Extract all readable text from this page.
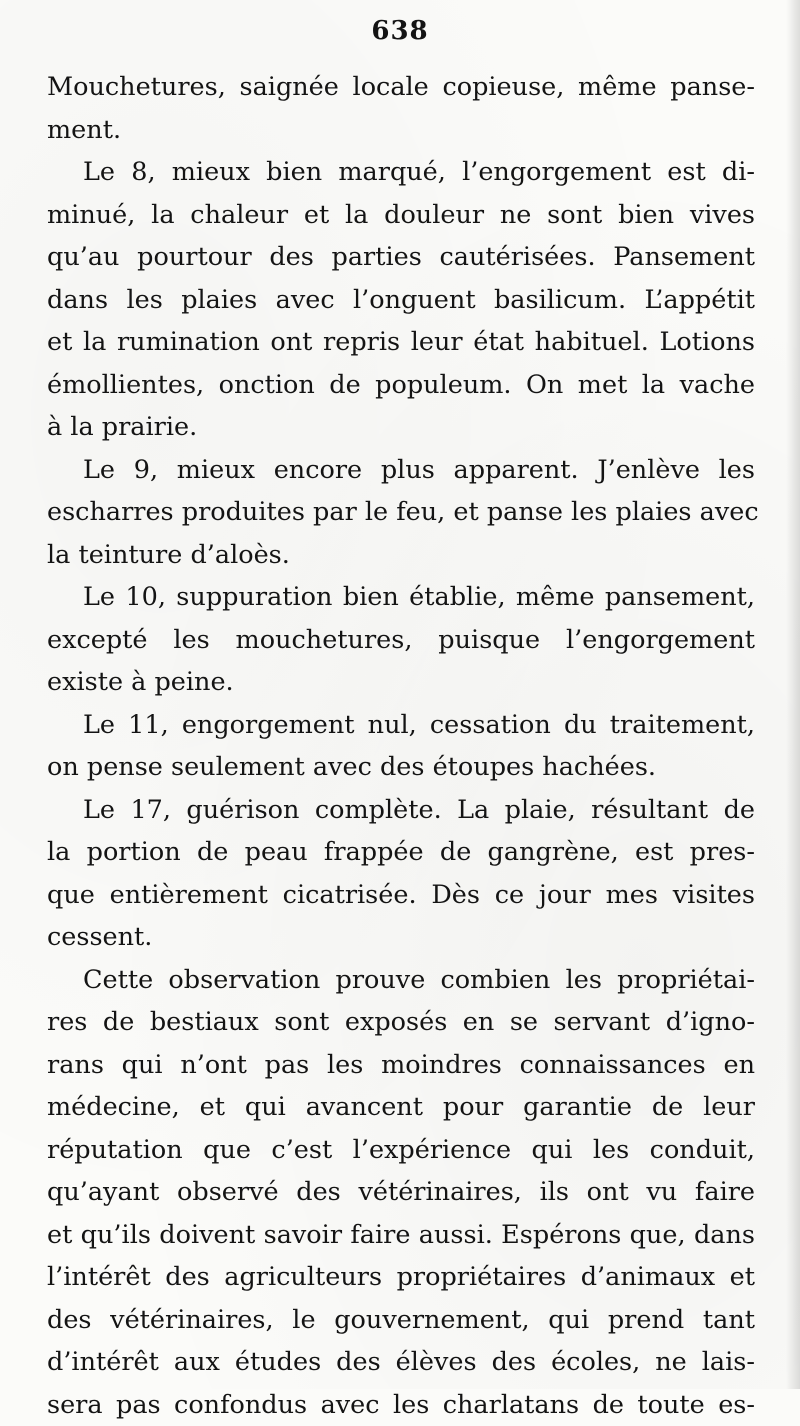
638
Mouchetures, saignée locale copieuse, même panse-
ment.
Le 8, mieux bien marqué, l’engorgement est di-
minué, la chaleur et la douleur ne sont bien vives
qu’au pourtour des parties cautérisées. Pansement
dans les plaies avec l’onguent basilicum. L’appétit
et la rumination ont repris leur état habituel. Lotions
émollientes, onction de populeum. On met la vache
à la prairie.
Le 9, mieux encore plus apparent. J’enlève les
escharres produites par le feu, et panse les plaies avec
la teinture d’aloès.
Le 10, suppuration bien établie, même pansement,
excepté les mouchetures, puisque l’engorgement
existe à peine.
Le 11, engorgement nul, cessation du traitement,
on pense seulement avec des étoupes hachées.
Le 17, guérison complète. La plaie, résultant de
la portion de peau frappée de gangrène, est pres-
que entièrement cicatrisée. Dès ce jour mes visites
cessent.
Cette observation prouve combien les propriétai-
res de bestiaux sont exposés en se servant d’igno-
rans qui n’ont pas les moindres connaissances en
médecine, et qui avancent pour garantie de leur
réputation que c’est l’expérience qui les conduit,
qu’ayant observé des vétérinaires, ils ont vu faire
et qu’ils doivent savoir faire aussi. Espérons que, dans
l’intérêt des agriculteurs propriétaires d’animaux et
des vétérinaires, le gouvernement, qui prend tant
d’intérêt aux études des élèves des écoles, ne lais-
sera pas confondus avec les charlatans de toute es-
